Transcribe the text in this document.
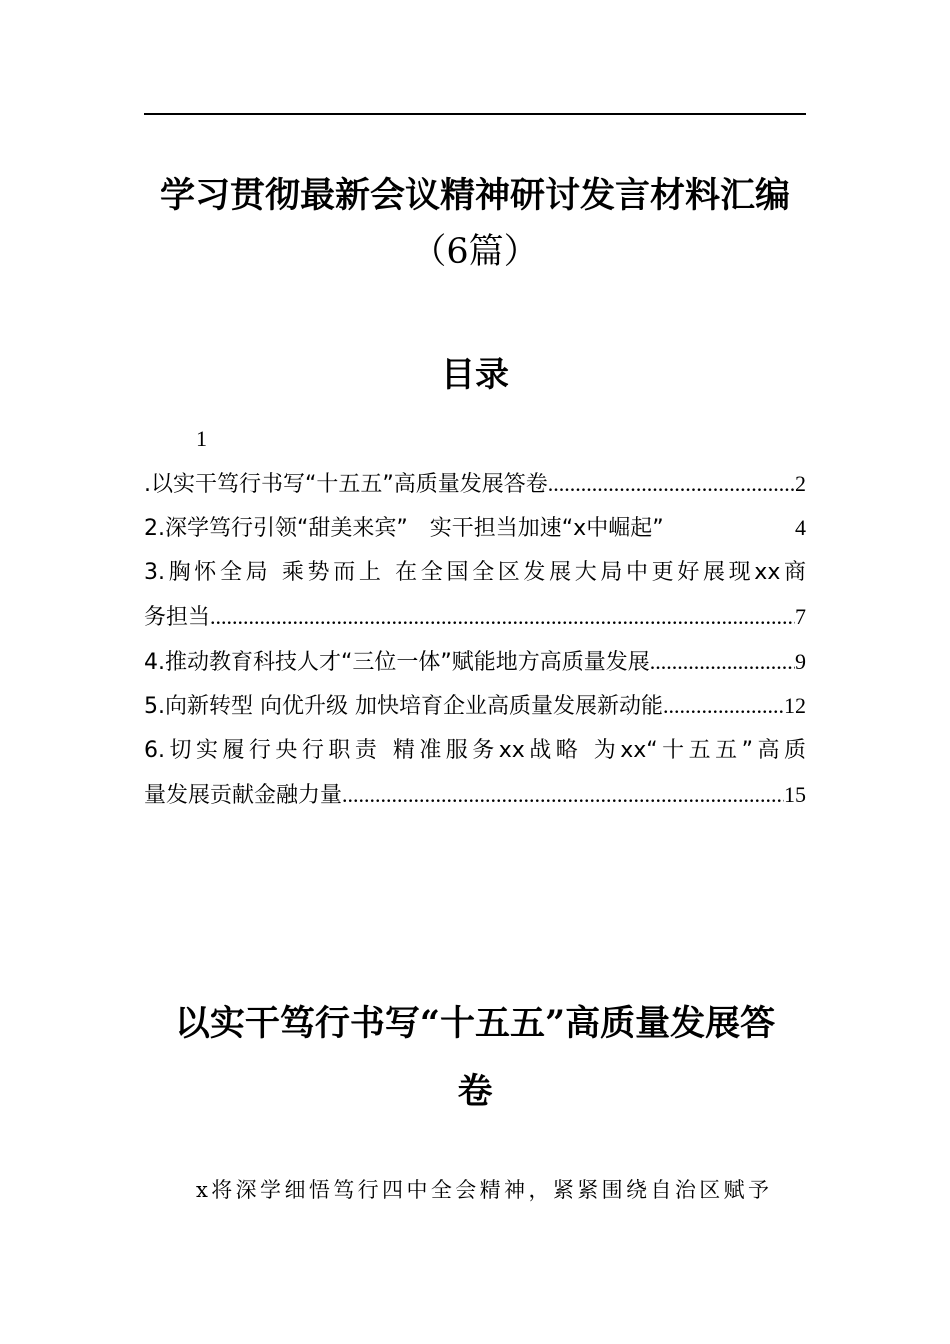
学习贯彻最新会议精神研讨发言材料汇编
（6篇）
目录
1
.以实干笃行书写“十五五”高质量发展答卷 .....	2
2.深学笃行引领“甜美来宾”　实干担当加速“x中崛起”	4
3.胸怀全局 乘势而上 在全国全区发展大局中更好展现xx商
务担当 .....	7
4.推动教育科技人才“三位一体”赋能地方高质量发展 .....	9
5.向新转型 向优升级 加快培育企业高质量发展新动能 .....	12
6.切实履行央行职责 精准服务xx战略 为xx“十五五”高质
量发展贡献金融力量 .....	15
以实干笃行书写“十五五”高质量发展答
卷
x将深学细悟笃行四中全会精神，紧紧围绕自治区赋予
